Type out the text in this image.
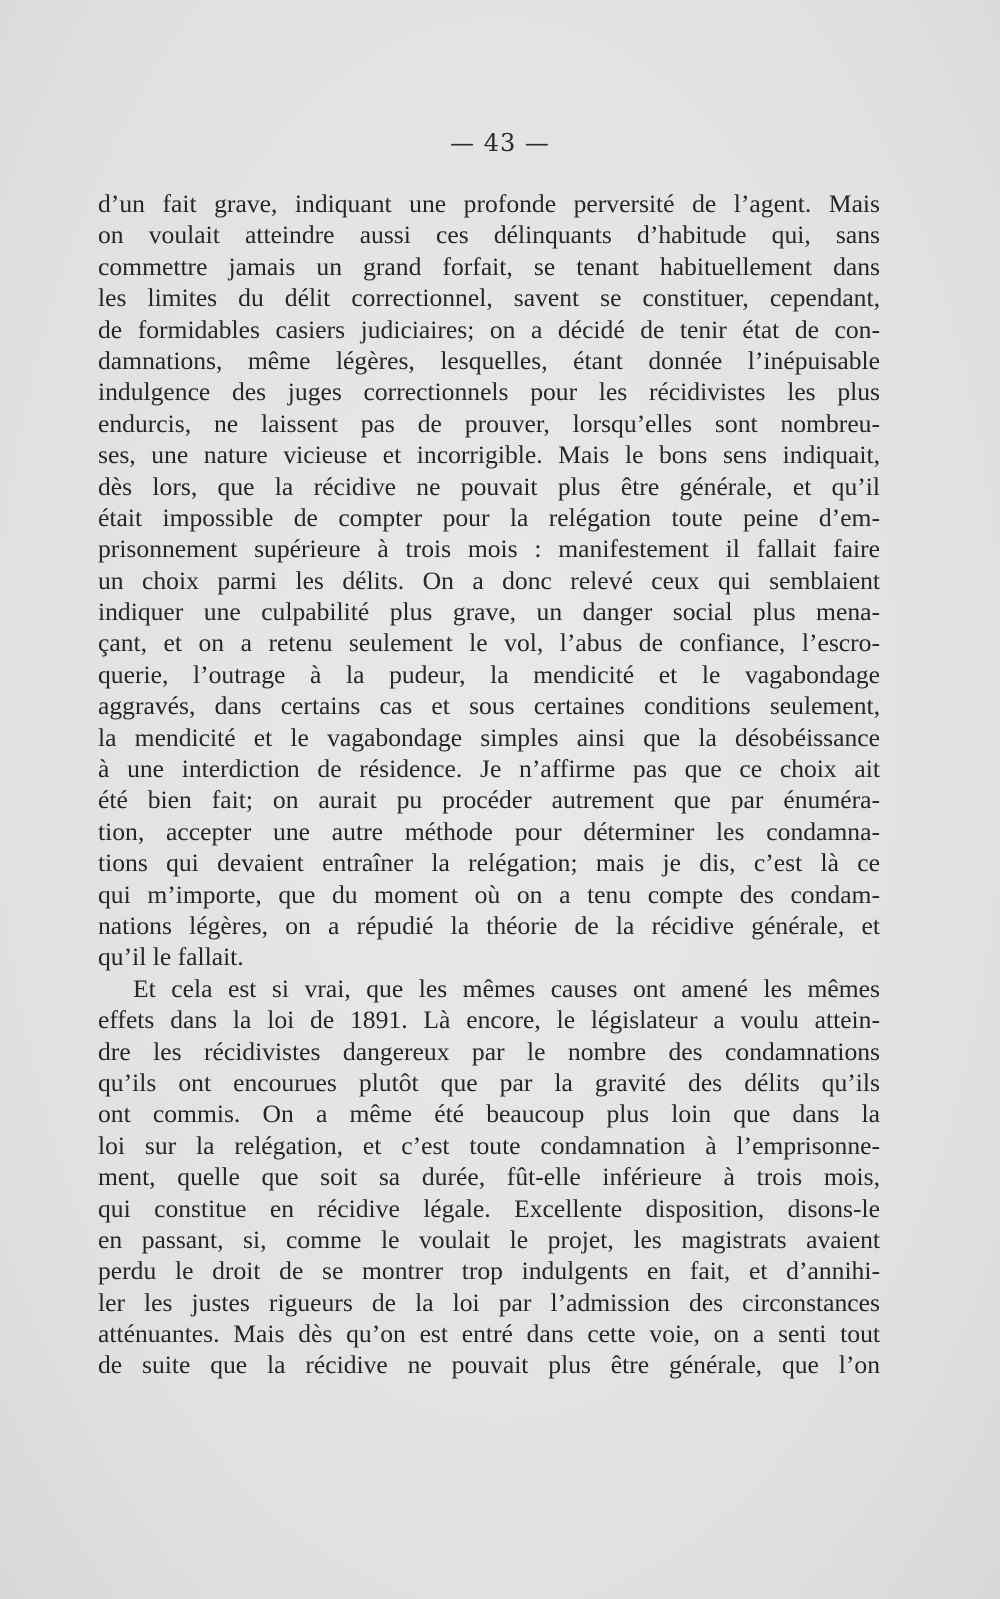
— 43 —
d’un fait grave, indiquant une profonde perversité de l’agent. Mais
on voulait atteindre aussi ces délinquants d’habitude qui, sans
commettre jamais un grand forfait, se tenant habituellement dans
les limites du délit correctionnel, savent se constituer, cependant,
de formidables casiers judiciaires; on a décidé de tenir état de con-
damnations, même légères, lesquelles, étant donnée l’inépuisable
indulgence des juges correctionnels pour les récidivistes les plus
endurcis, ne laissent pas de prouver, lorsqu’elles sont nombreu-
ses, une nature vicieuse et incorrigible. Mais le bons sens indiquait,
dès lors, que la récidive ne pouvait plus être générale, et qu’il
était impossible de compter pour la relégation toute peine d’em-
prisonnement supérieure à trois mois : manifestement il fallait faire
un choix parmi les délits. On a donc relevé ceux qui semblaient
indiquer une culpabilité plus grave, un danger social plus mena-
çant, et on a retenu seulement le vol, l’abus de confiance, l’escro-
querie, l’outrage à la pudeur, la mendicité et le vagabondage
aggravés, dans certains cas et sous certaines conditions seulement,
la mendicité et le vagabondage simples ainsi que la désobéissance
à une interdiction de résidence. Je n’affirme pas que ce choix ait
été bien fait; on aurait pu procéder autrement que par énuméra-
tion, accepter une autre méthode pour déterminer les condamna-
tions qui devaient entraîner la relégation; mais je dis, c’est là ce
qui m’importe, que du moment où on a tenu compte des condam-
nations légères, on a répudié la théorie de la récidive générale, et
qu’il le fallait.
Et cela est si vrai, que les mêmes causes ont amené les mêmes
effets dans la loi de 1891. Là encore, le législateur a voulu attein-
dre les récidivistes dangereux par le nombre des condamnations
qu’ils ont encourues plutôt que par la gravité des délits qu’ils
ont commis. On a même été beaucoup plus loin que dans la
loi sur la relégation, et c’est toute condamnation à l’emprisonne-
ment, quelle que soit sa durée, fût-elle inférieure à trois mois,
qui constitue en récidive légale. Excellente disposition, disons-le
en passant, si, comme le voulait le projet, les magistrats avaient
perdu le droit de se montrer trop indulgents en fait, et d’annihi-
ler les justes rigueurs de la loi par l’admission des circonstances
atténuantes. Mais dès qu’on est entré dans cette voie, on a senti tout
de suite que la récidive ne pouvait plus être générale, que l’on
